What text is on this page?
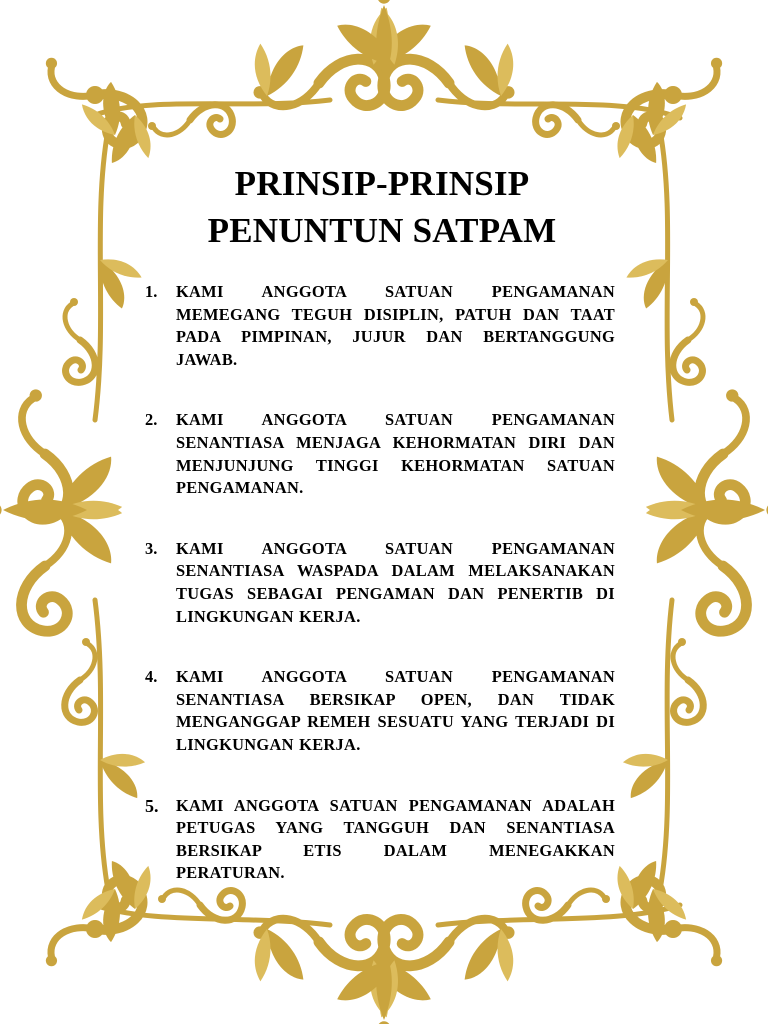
PRINSIP-PRINSIP
PENUNTUN SATPAM
1.	KAMI ANGGOTA SATUAN PENGAMANAN MEMEGANG TEGUH DISIPLIN, PATUH DAN TAAT PADA PIMPINAN, JUJUR DAN BERTANGGUNG JAWAB.
2.	KAMI ANGGOTA SATUAN PENGAMANAN SENANTIASA MENJAGA KEHORMATAN DIRI DAN MENJUNJUNG TINGGI KEHORMATAN SATUAN PENGAMANAN.
3.	KAMI ANGGOTA SATUAN PENGAMANAN SENANTIASA WASPADA DALAM MELAKSANAKAN TUGAS SEBAGAI PENGAMAN DAN PENERTIB DI LINGKUNGAN KERJA.
4.	KAMI ANGGOTA SATUAN PENGAMANAN SENANTIASA BERSIKAP OPEN, DAN TIDAK MENGANGGAP REMEH SESUATU YANG TERJADI DI LINGKUNGAN KERJA.
5.	KAMI ANGGOTA SATUAN PENGAMANAN ADALAH PETUGAS YANG TANGGUH DAN SENANTIASA BERSIKAP ETIS DALAM MENEGAKKAN PERATURAN.
